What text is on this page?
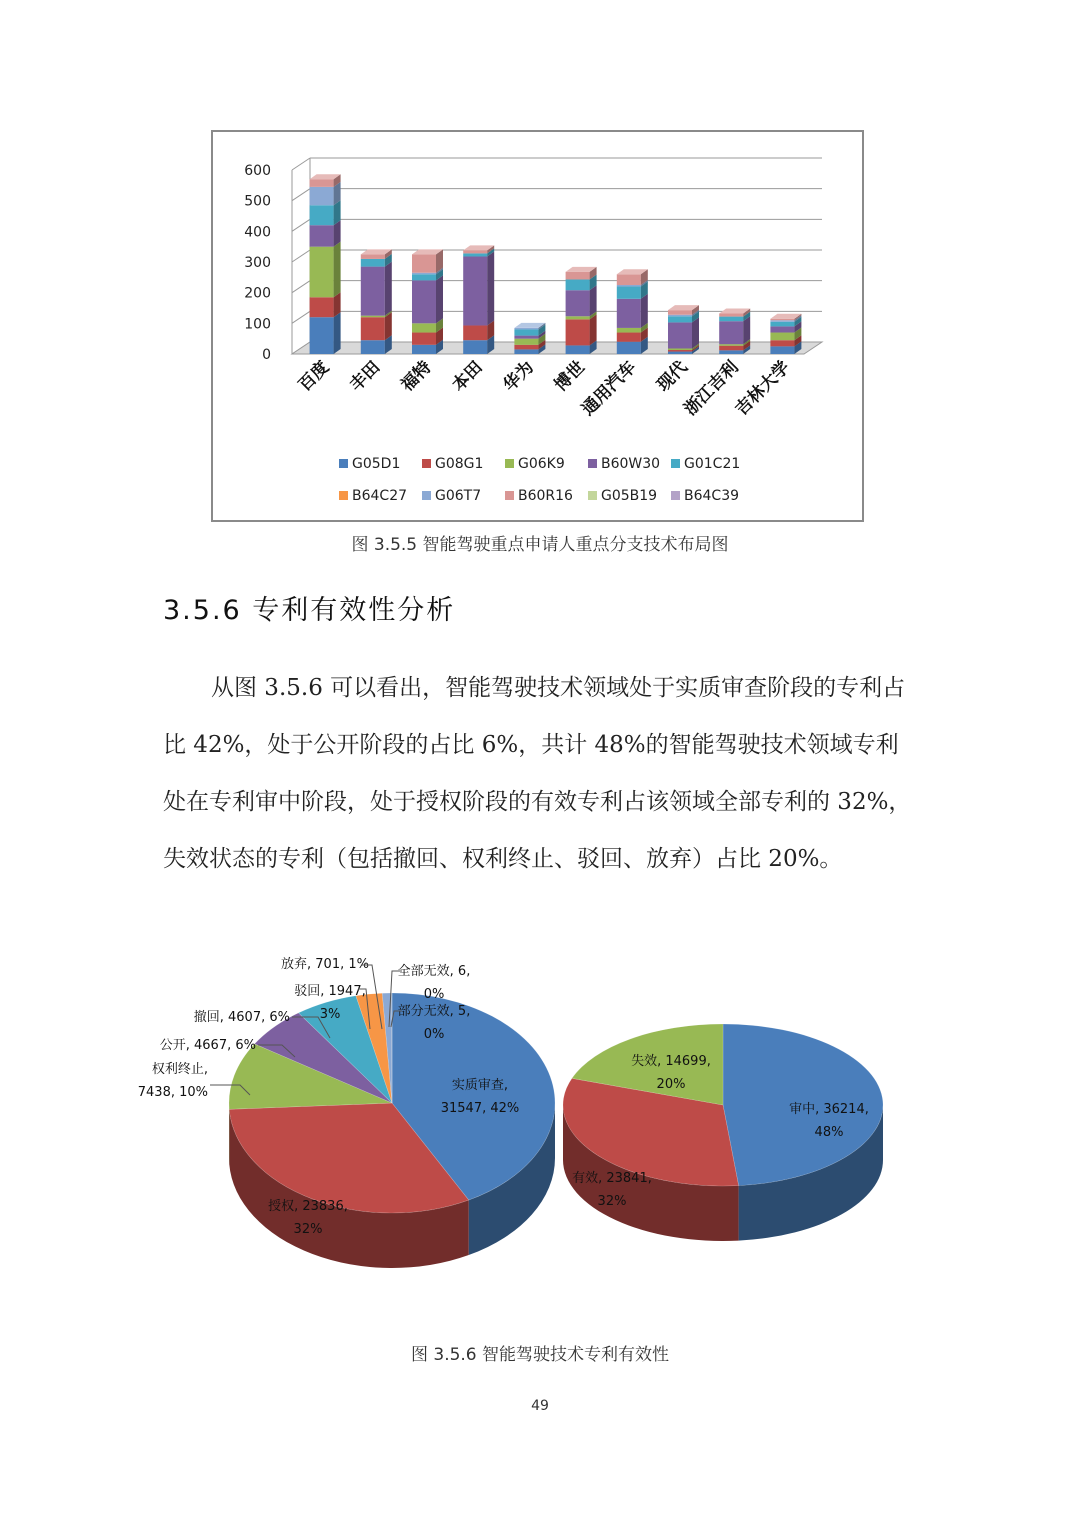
0
100
200
300
400
500
600
百度 丰田 福特 本田 华为 博世
通用汽车 现代
浙江吉利
吉林大学
G05D1 G08G1 G06K9	B60W30 G01C21
B64C27 G06T7	B60R16 G05B19 B64C39
图 3.5.5 智能驾驶重点申请人重点分支技术布局图
3.5.6 专利有效性分析
从图 3.5.6 可以看出，智能驾驶技术领域处于实质审查阶段的专利占比 42%，处于公开阶段的占比 6%，共计 48%的智能驾驶技术领域专利处在专利审中阶段，处于授权阶段的有效专利占该领域全部专利的 32%，失效状态的专利（包括撤回、权利终止、驳回、放弃）占比 20%。
实质审查,
31547, 42%
授权, 23836,
32%
权利终止,
7438, 10%
公开, 4667, 6%
撤回, 4607, 6%
驳回, 1947,
3%
放弃, 701, 1% 全部无效, 6,
0%
部分无效, 5,
0%
审中, 36214,
48%
有效, 23841,
32%
失效, 14699,
20%
图 3.5.6 智能驾驶技术专利有效性
49
